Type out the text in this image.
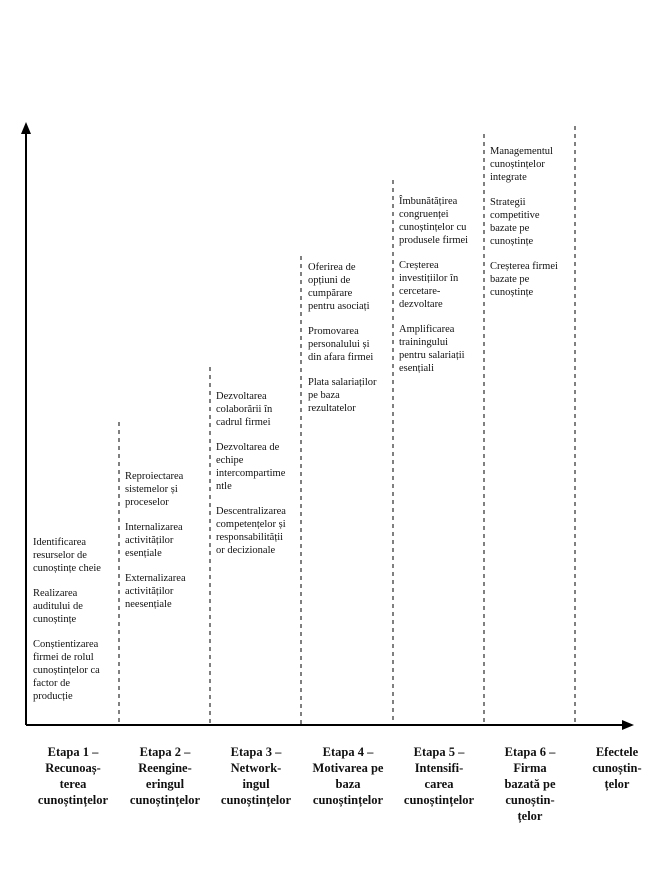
Identificarea
resurselor de
cunoștințe cheie
Realizarea
auditului de
cunoștințe
Conștientizarea
firmei de rolul
cunoștințelor ca
factor de
producție
Reproiectarea
sistemelor și
proceselor
Internalizarea
activităților
esențiale
Externalizarea
activităților
neesențiale
Dezvoltarea
colaborării în
cadrul firmei
Dezvoltarea de
echipe
intercompartime
ntle
Descentralizarea
competențelor și
responsabilității
or decizionale
Oferirea de
opțiuni de
cumpărare
pentru asociați
Promovarea
personalului și
din afara firmei
Plata salariaților
pe baza
rezultatelor
Îmbunătățirea
congruenței
cunoștințelor cu
produsele firmei
Creșterea
investițiilor în
cercetare-
dezvoltare
Amplificarea
trainingului
pentru salariații
esențiali
Managementul
cunoștințelor
integrate
Strategii
competitive
bazate pe
cunoștințe
Creșterea firmei
bazate pe
cunoștințe
Etapa 1 –
Recunoaș-
terea
cunoștințelor
Etapa 2 –
Reengine-
eringul
cunoștințelor
Etapa 3 –
Network-
ingul
cunoștințelor
Etapa 4 –
Motivarea pe
baza
cunoștințelor
Etapa 5 –
Intensifi-
carea
cunoștințelor
Etapa 6 –
Firma
bazată pe
cunoștin-
țelor
Efectele
cunoștin-
țelor
